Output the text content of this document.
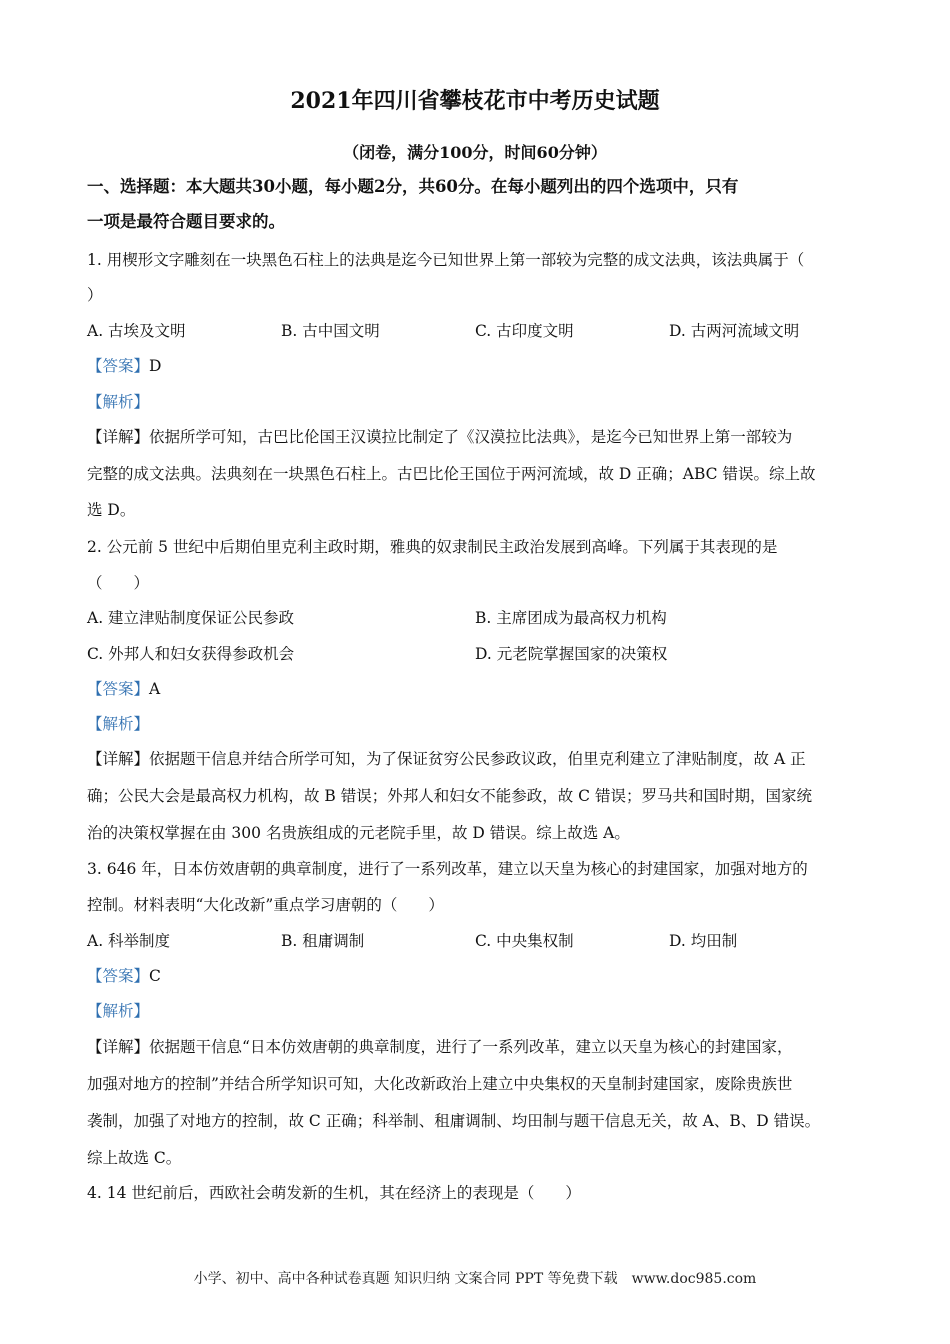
2021年四川省攀枝花市中考历史试题
（闭卷，满分100分，时间60分钟）
一、选择题：本大题共30小题，每小题2分，共60分。在每小题列出的四个选项中，只有
一项是最符合题目要求的。
1. 用楔形文字雕刻在一块黑色石柱上的法典是迄今已知世界上第一部较为完整的成文法典，该法典属于（
）
A. 古埃及文明	B. 古中国文明	C. 古印度文明	D. 古两河流域文明
【答案】D
【解析】
【详解】依据所学可知，古巴比伦国王汉谟拉比制定了《汉漠拉比法典》，是迄今已知世界上第一部较为
完整的成文法典。法典刻在一块黑色石柱上。古巴比伦王国位于两河流域，故 D 正确；ABC 错误。综上故
选 D。
2. 公元前 5 世纪中后期伯里克利主政时期，雅典的奴隶制民主政治发展到高峰。下列属于其表现的是
（　　）
A. 建立津贴制度保证公民参政	B. 主席团成为最高权力机构
C. 外邦人和妇女获得参政机会	D. 元老院掌握国家的决策权
【答案】A
【解析】
【详解】依据题干信息并结合所学可知，为了保证贫穷公民参政议政，伯里克利建立了津贴制度，故 A 正
确；公民大会是最高权力机构，故 B 错误；外邦人和妇女不能参政，故 C 错误；罗马共和国时期，国家统
治的决策权掌握在由 300 名贵族组成的元老院手里，故 D 错误。综上故选 A。
3. 646 年，日本仿效唐朝的典章制度，进行了一系列改革，建立以天皇为核心的封建国家，加强对地方的
控制。材料表明“大化改新”重点学习唐朝的（　　）
A. 科举制度	B. 租庸调制	C. 中央集权制	D. 均田制
【答案】C
【解析】
【详解】依据题干信息“日本仿效唐朝的典章制度，进行了一系列改革，建立以天皇为核心的封建国家，
加强对地方的控制”并结合所学知识可知，大化改新政治上建立中央集权的天皇制封建国家，废除贵族世
袭制，加强了对地方的控制，故 C 正确；科举制、租庸调制、均田制与题干信息无关，故 A、B、D 错误。
综上故选 C。
4. 14 世纪前后，西欧社会萌发新的生机，其在经济上的表现是（　　）
小学、初中、高中各种试卷真题 知识归纳 文案合同 PPT 等免费下载　www.doc985.com
